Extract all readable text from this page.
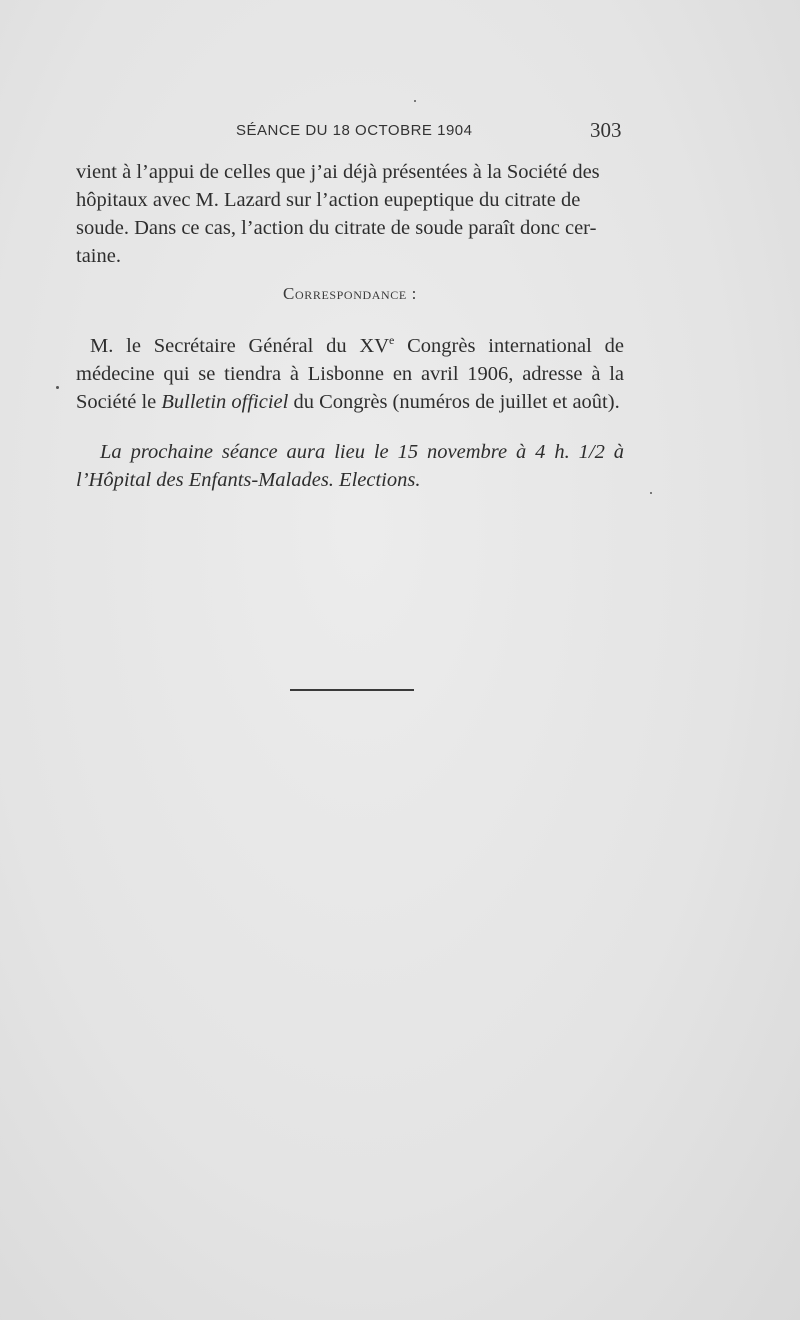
SÉANCE DU 18 OCTOBRE 1904	303
vient à l’appui de celles que j’ai déjà présentées à la Société des
hôpitaux avec M. Lazard sur l’action eupeptique du citrate de
soude. Dans ce cas, l’action du citrate de soude paraît donc cer-
taine.
Correspondance :
M. le Secrétaire Général du XVe Congrès international de médecine qui se tiendra à Lisbonne en avril 1906, adresse à la Société le Bulletin officiel du Congrès (numéros de juillet et août).
La prochaine séance aura lieu le 15 novembre à 4 h. 1/2 à l’Hôpital des Enfants-Malades. Elections.
